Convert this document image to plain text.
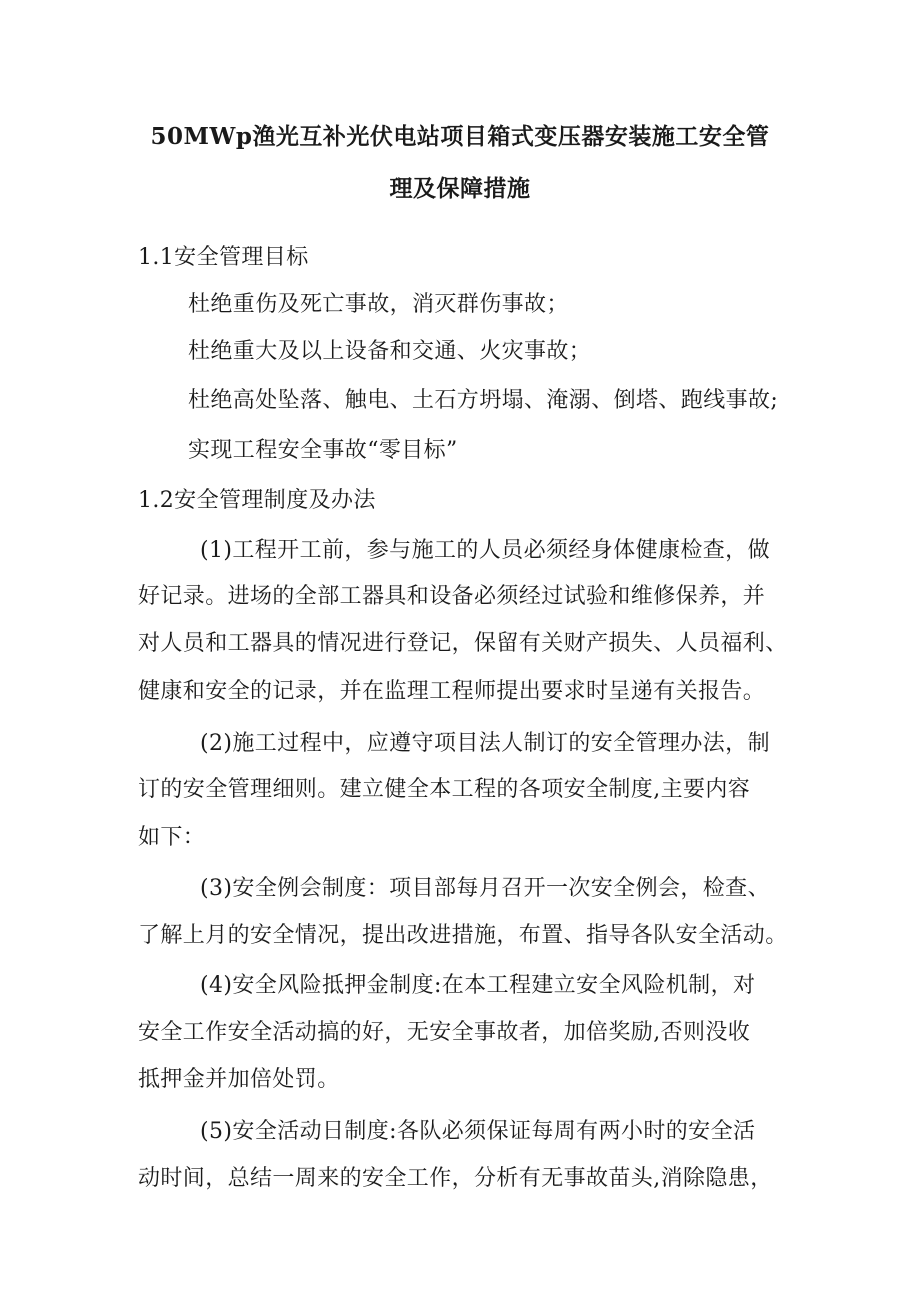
50MWp渔光互补光伏电站项目箱式变压器安装施工安全管
理及保障措施
1.1安全管理目标
杜绝重伤及死亡事故，消灭群伤事故；
杜绝重大及以上设备和交通、火灾事故；
杜绝高处坠落、触电、土石方坍塌、淹溺、倒塔、跑线事故;
实现工程安全事故“零目标”
1.2安全管理制度及办法
(1)工程开工前，参与施工的人员必须经身体健康检查，做
好记录。进场的全部工器具和设备必须经过试验和维修保养，并
对人员和工器具的情况进行登记，保留有关财产损失、人员福利、
健康和安全的记录，并在监理工程师提出要求时呈递有关报告。
(2)施工过程中，应遵守项目法人制订的安全管理办法，制
订的安全管理细则。建立健全本工程的各项安全制度,主要内容
如下：
(3)安全例会制度：项目部每月召开一次安全例会，检查、
了解上月的安全情况，提出改进措施，布置、指导各队安全活动。
(4)安全风险抵押金制度:在本工程建立安全风险机制，对
安全工作安全活动搞的好，无安全事故者，加倍奖励,否则没收
抵押金并加倍处罚。
(5)安全活动日制度:各队必须保证每周有两小时的安全活
动时间，总结一周来的安全工作，分析有无事故苗头,消除隐患，
